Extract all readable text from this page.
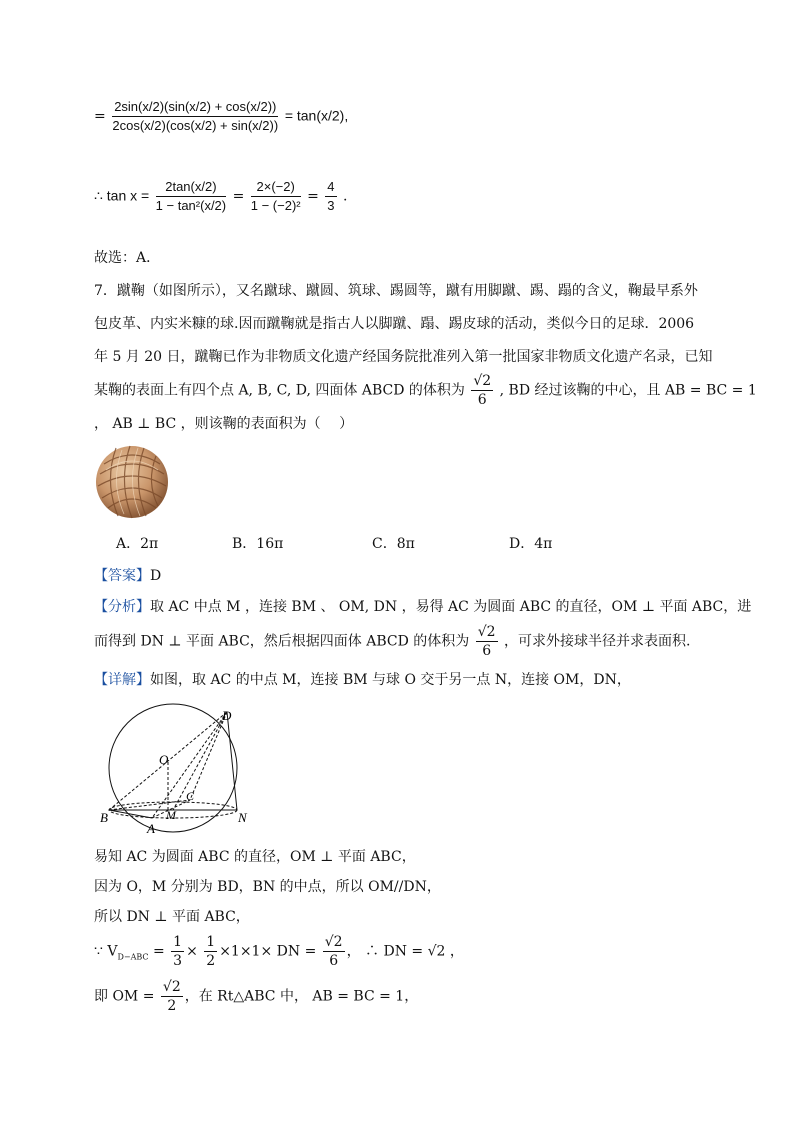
= $\frac{2\sin(x/2)(\sin(x/2) + \cos(x/2))}{2\cos(x/2)(\cos(x/2) + \sin(x/2))} = \tan(x/2)$,
∴ $\tan x = \frac{2\tan(x/2)}{\text{1 − tan²(x/2)}} = \frac{2\times(-2)}{\text{1 − (−2)²}} = \frac{4}{3}$ .
故选：A．
7．蹴鞠（如图所示），又名蹴球、蹴圆、筑球、踢圆等，蹴有用脚蹴、踢、蹋的含义，鞠最早系外
包皮革、内实米糠的球.因而蹴鞠就是指古人以脚蹴、蹋、踢皮球的活动，类似今日的足球．2006
年 5 月 20 日，蹴鞠已作为非物质文化遗产经国务院批准列入第一批国家非物质文化遗产名录，已知
某鞠的表面上有四个点 A, B, C, D, 四面体 ABCD 的体积为 $\frac{√2}{6}$ , BD 经过该鞠的中心，且 AB = BC = 1
， AB ⊥ BC ，则该鞠的表面积为（　 ）
A．2π	B．16π	C．8π	D．4π
【答案】D
【分析】取 AC 中点 M ，连接 BM 、 OM, DN ，易得 AC 为圆面 ABC 的直径，OM ⊥ 平面 ABC，进
而得到 DN ⊥ 平面 ABC，然后根据四面体 ABCD 的体积为 $\frac{√2}{6}$ ，可求外接球半径并求表面积.
【详解】如图，取 AC 的中点 M，连接 BM 与球 O 交于另一点 N，连接 OM，DN，
D
O
C
M
B
A
N
易知 AC 为圆面 ABC 的直径，OM ⊥ 平面 ABC，
因为 O，M 分别为 BD，BN 的中点，所以 OM//DN，
所以 DN ⊥ 平面 ABC，
∵ $V_{D-ABC} = \frac{1}{3} \times \frac{1}{2} \times 1\times 1\times$ DN = $\frac{√2}{6}$ ， ∴ DN = √2 ，
即 OM = $\frac{√2}{2}$ ，在 Rt△ABC 中， AB = BC = 1，
